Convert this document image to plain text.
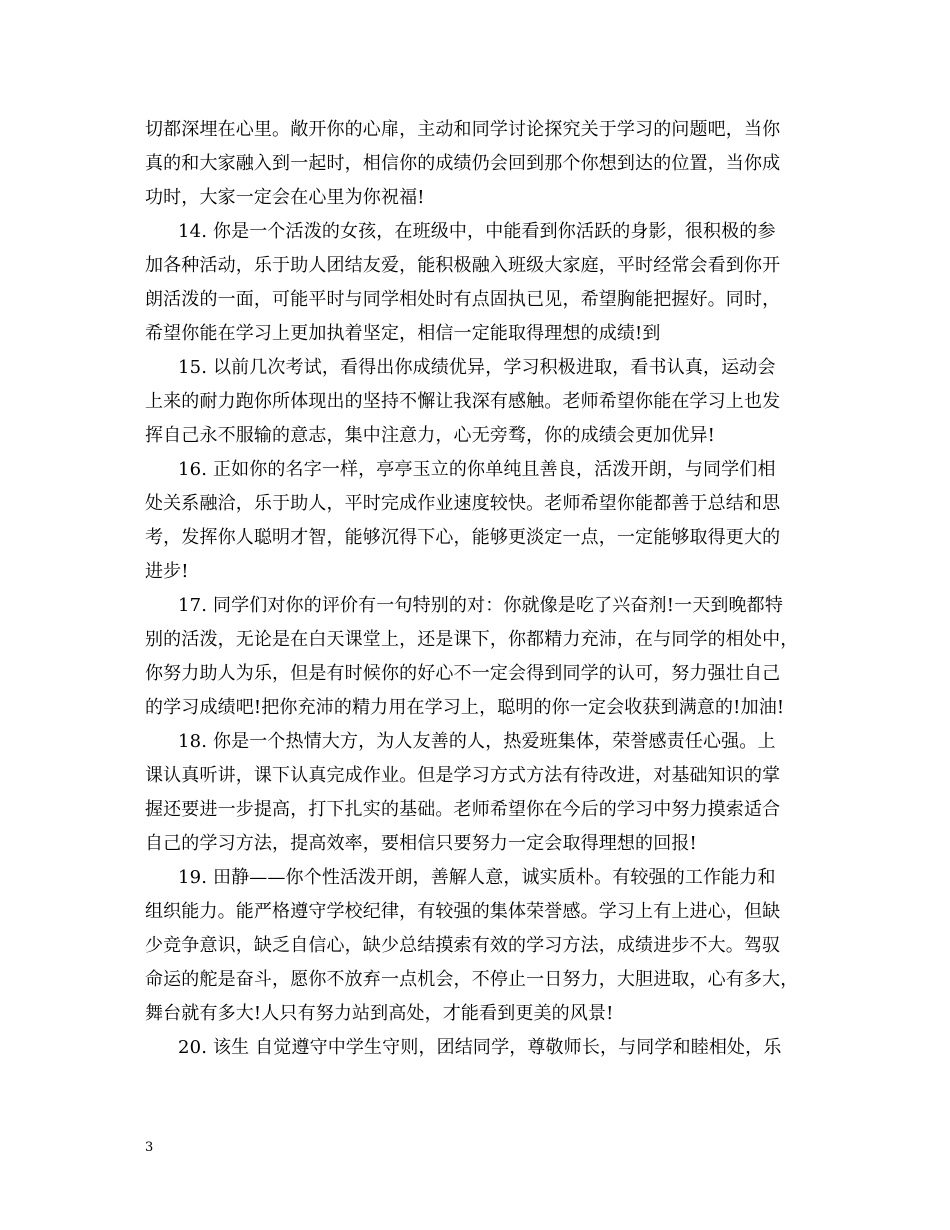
切都深埋在心里。敞开你的心扉，主动和同学讨论探究关于学习的问题吧，当你
真的和大家融入到一起时，相信你的成绩仍会回到那个你想到达的位置，当你成
功时，大家一定会在心里为你祝福!
14. 你是一个活泼的女孩，在班级中，中能看到你活跃的身影，很积极的参
加各种活动，乐于助人团结友爱，能积极融入班级大家庭，平时经常会看到你开
朗活泼的一面，可能平时与同学相处时有点固执已见，希望胸能把握好。同时，
希望你能在学习上更加执着坚定，相信一定能取得理想的成绩!到
15. 以前几次考试，看得出你成绩优异，学习积极进取，看书认真，运动会
上来的耐力跑你所体现出的坚持不懈让我深有感触。老师希望你能在学习上也发
挥自己永不服输的意志，集中注意力，心无旁骛，你的成绩会更加优异!
16. 正如你的名字一样，亭亭玉立的你单纯且善良，活泼开朗，与同学们相
处关系融洽，乐于助人，平时完成作业速度较快。老师希望你能都善于总结和思
考，发挥你人聪明才智，能够沉得下心，能够更淡定一点，一定能够取得更大的
进步!
17. 同学们对你的评价有一句特别的对：你就像是吃了兴奋剂!一天到晚都特
别的活泼，无论是在白天课堂上，还是课下，你都精力充沛，在与同学的相处中，
你努力助人为乐，但是有时候你的好心不一定会得到同学的认可，努力强壮自己
的学习成绩吧!把你充沛的精力用在学习上，聪明的你一定会收获到满意的!加油!
18. 你是一个热情大方，为人友善的人，热爱班集体，荣誉感责任心强。上
课认真听讲，课下认真完成作业。但是学习方式方法有待改进，对基础知识的掌
握还要进一步提高，打下扎实的基础。老师希望你在今后的学习中努力摸索适合
自己的学习方法，提高效率，要相信只要努力一定会取得理想的回报!
19. 田静——你个性活泼开朗，善解人意，诚实质朴。有较强的工作能力和
组织能力。能严格遵守学校纪律，有较强的集体荣誉感。学习上有上进心，但缺
少竞争意识，缺乏自信心，缺少总结摸索有效的学习方法，成绩进步不大。驾驭
命运的舵是奋斗，愿你不放弃一点机会，不停止一日努力，大胆进取，心有多大，
舞台就有多大!人只有努力站到高处，才能看到更美的风景!
20. 该生 自觉遵守中学生守则，团结同学，尊敬师长，与同学和睦相处，乐
3
